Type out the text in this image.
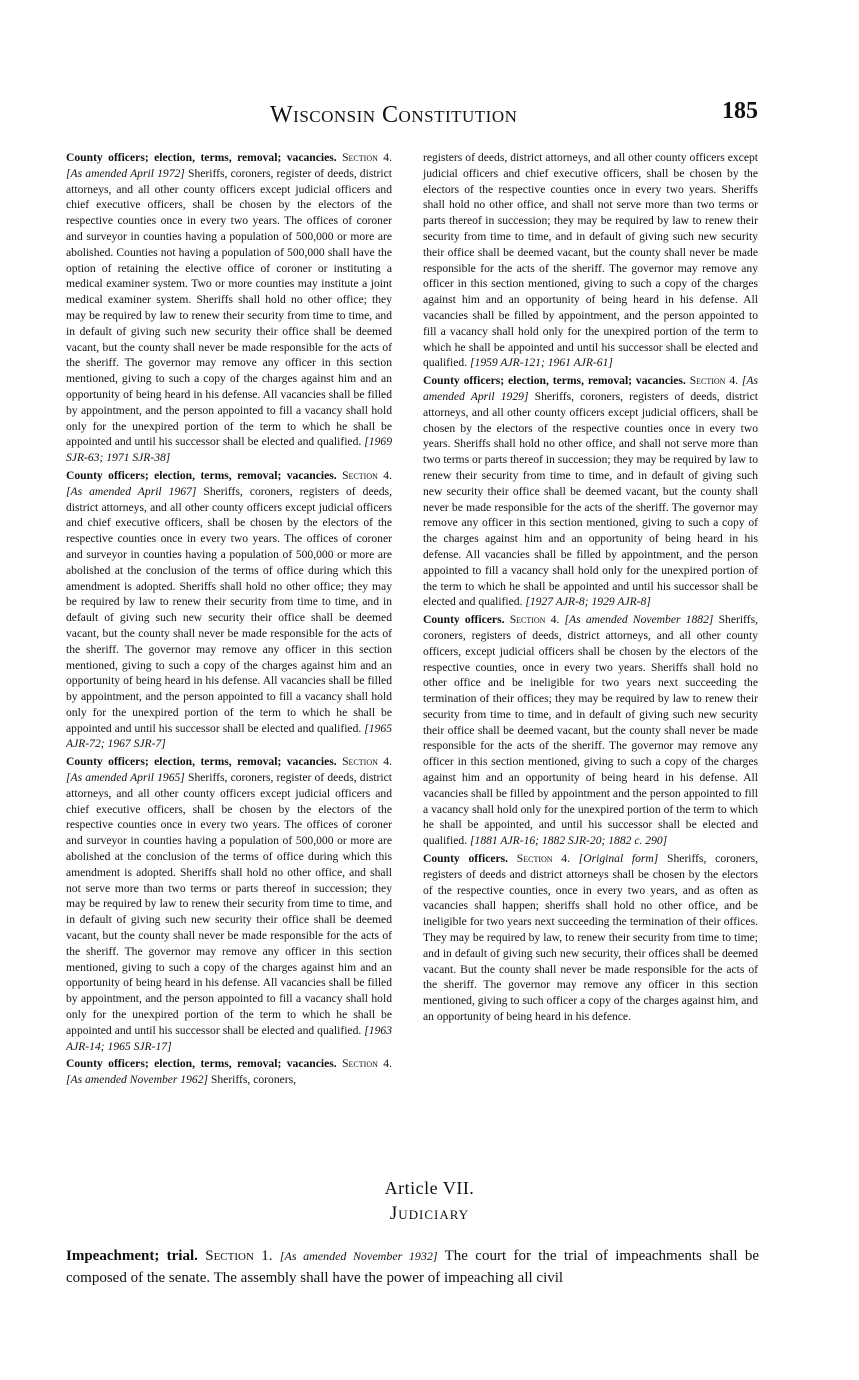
Wisconsin Constitution	185

County officers; election, terms, removal; vacancies. Section 4. [As amended April 1972] Sheriffs, coroners, register of deeds, district attorneys, and all other county officers except judicial officers and chief executive officers, shall be chosen by the electors of the respective counties once in every two years. The offices of coroner and surveyor in counties having a population of 500,000 or more are abolished. Counties not having a population of 500,000 shall have the option of retaining the elective office of coroner or instituting a medical examiner system. Two or more counties may institute a joint medical examiner system. Sheriffs shall hold no other office; they may be required by law to renew their security from time to time, and in default of giving such new security their office shall be deemed vacant, but the county shall never be made responsible for the acts of the sheriff. The governor may remove any officer in this section mentioned, giving to such a copy of the charges against him and an opportunity of being heard in his defense. All vacancies shall be filled by appointment, and the person appointed to fill a vacancy shall hold only for the unexpired portion of the term to which he shall be appointed and until his successor shall be elected and qualified. [1969 SJR-63; 1971 SJR-38]

County officers; election, terms, removal; vacancies. Section 4. [As amended April 1967] Sheriffs, coroners, registers of deeds, district attorneys, and all other county officers except judicial officers and chief executive officers, shall be chosen by the electors of the respective counties once in every two years. The offices of coroner and surveyor in counties having a population of 500,000 or more are abolished at the conclusion of the terms of office during which this amendment is adopted. Sheriffs shall hold no other office; they may be required by law to renew their security from time to time, and in default of giving such new security their office shall be deemed vacant, but the county shall never be made responsible for the acts of the sheriff. The governor may remove any officer in this section mentioned, giving to such a copy of the charges against him and an opportunity of being heard in his defense. All vacancies shall be filled by appointment, and the person appointed to fill a vacancy shall hold only for the unexpired portion of the term to which he shall be appointed and until his successor shall be elected and qualified. [1965 AJR-72; 1967 SJR-7]

County officers; election, terms, removal; vacancies. Section 4. [As amended April 1965] Sheriffs, coroners, register of deeds, district attorneys, and all other county officers except judicial officers and chief executive officers, shall be chosen by the electors of the respective counties once in every two years. The offices of coroner and surveyor in counties having a population of 500,000 or more are abolished at the conclusion of the terms of office during which this amendment is adopted. Sheriffs shall hold no other office, and shall not serve more than two terms or parts thereof in succession; they may be required by law to renew their security from time to time, and in default of giving such new security their office shall be deemed vacant, but the county shall never be made responsible for the acts of the sheriff. The governor may remove any officer in this section mentioned, giving to such a copy of the charges against him and an opportunity of being heard in his defense. All vacancies shall be filled by appointment, and the person appointed to fill a vacancy shall hold only for the unexpired portion of the term to which he shall be appointed and until his successor shall be elected and qualified. [1963 AJR-14; 1965 SJR-17]

County officers; election, terms, removal; vacancies. Section 4. [As amended November 1962] Sheriffs, coroners,

registers of deeds, district attorneys, and all other county officers except judicial officers and chief executive officers, shall be chosen by the electors of the respective counties once in every two years. Sheriffs shall hold no other office, and shall not serve more than two terms or parts thereof in succession; they may be required by law to renew their security from time to time, and in default of giving such new security their office shall be deemed vacant, but the county shall never be made responsible for the acts of the sheriff. The governor may remove any officer in this section mentioned, giving to such a copy of the charges against him and an opportunity of being heard in his defense. All vacancies shall be filled by appointment, and the person appointed to fill a vacancy shall hold only for the unexpired portion of the term to which he shall be appointed and until his successor shall be elected and qualified. [1959 AJR-121; 1961 AJR-61]

County officers; election, terms, removal; vacancies. Section 4. [As amended April 1929] Sheriffs, coroners, registers of deeds, district attorneys, and all other county officers except judicial officers, shall be chosen by the electors of the respective counties once in every two years. Sheriffs shall hold no other office, and shall not serve more than two terms or parts thereof in succession; they may be required by law to renew their security from time to time, and in default of giving such new security their office shall be deemed vacant, but the county shall never be made responsible for the acts of the sheriff. The governor may remove any officer in this section mentioned, giving to such a copy of the charges against him and an opportunity of being heard in his defense. All vacancies shall be filled by appointment, and the person appointed to fill a vacancy shall hold only for the unexpired portion of the term to which he shall be appointed and until his successor shall be elected and qualified. [1927 AJR-8; 1929 AJR-8]

County officers. Section 4. [As amended November 1882] Sheriffs, coroners, registers of deeds, district attorneys, and all other county officers, except judicial officers shall be chosen by the electors of the respective counties, once in every two years. Sheriffs shall hold no other office and be ineligible for two years next succeeding the termination of their offices; they may be required by law to renew their security from time to time, and in default of giving such new security their office shall be deemed vacant, but the county shall never be made responsible for the acts of the sheriff. The governor may remove any officer in this section mentioned, giving to such a copy of the charges against him and an opportunity of being heard in his defense. All vacancies shall be filled by appointment and the person appointed to fill a vacancy shall hold only for the unexpired portion of the term to which he shall be appointed, and until his successor shall be elected and qualified. [1881 AJR-16; 1882 SJR-20; 1882 c. 290]

County officers. Section 4. [Original form] Sheriffs, coroners, registers of deeds and district attorneys shall be chosen by the electors of the respective counties, once in every two years, and as often as vacancies shall happen; sheriffs shall hold no other office, and be ineligible for two years next succeeding the termination of their offices. They may be required by law, to renew their security from time to time; and in default of giving such new security, their offices shall be deemed vacant. But the county shall never be made responsible for the acts of the sheriff. The governor may remove any officer in this section mentioned, giving to such officer a copy of the charges against him, and an opportunity of being heard in his defence.

Article VII.
Judiciary
Impeachment; trial. Section 1. [As amended November 1932] The court for the trial of impeachments shall be composed of the senate. The assembly shall have the power of impeaching all civil
